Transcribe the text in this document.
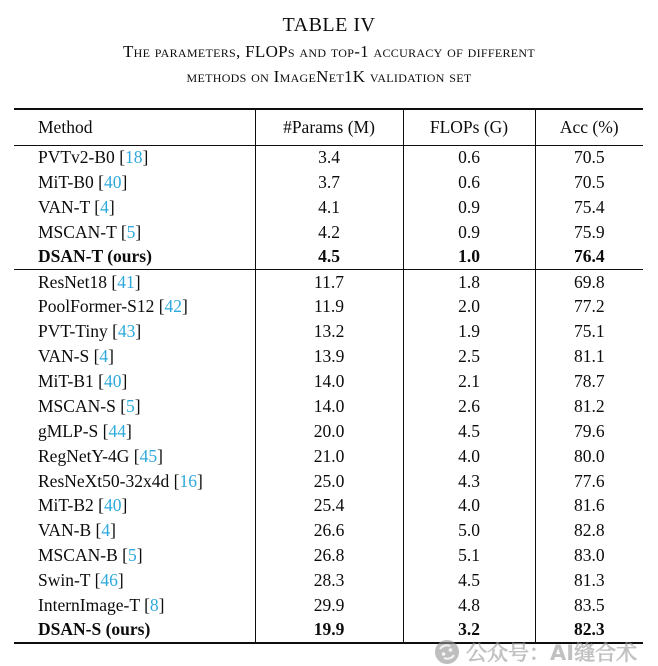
TABLE IV
The parameters, FLOPs and top-1 accuracy of different
methods on ImageNet1K validation set
Method	#Params (M)	FLOPs (G)	Acc (%)
PVTv2-B0 [18]	3.4	0.6	70.5
MiT-B0 [40]	3.7	0.6	70.5
VAN-T [4]	4.1	0.9	75.4
MSCAN-T [5]	4.2	0.9	75.9
DSAN-T (ours)	4.5	1.0	76.4
ResNet18 [41]	11.7	1.8	69.8
PoolFormer-S12 [42]	11.9	2.0	77.2
PVT-Tiny [43]	13.2	1.9	75.1
VAN-S [4]	13.9	2.5	81.1
MiT-B1 [40]	14.0	2.1	78.7
MSCAN-S [5]	14.0	2.6	81.2
gMLP-S [44]	20.0	4.5	79.6
RegNetY-4G [45]	21.0	4.0	80.0
ResNeXt50-32x4d [16]	25.0	4.3	77.6
MiT-B2 [40]	25.4	4.0	81.6
VAN-B [4]	26.6	5.0	82.8
MSCAN-B [5]	26.8	5.1	83.0
Swin-T [46]	28.3	4.5	81.3
InternImage-T [8]	29.9	4.8	83.5
DSAN-S (ours)	19.9	3.2	82.3
公众号：AI缝合术
